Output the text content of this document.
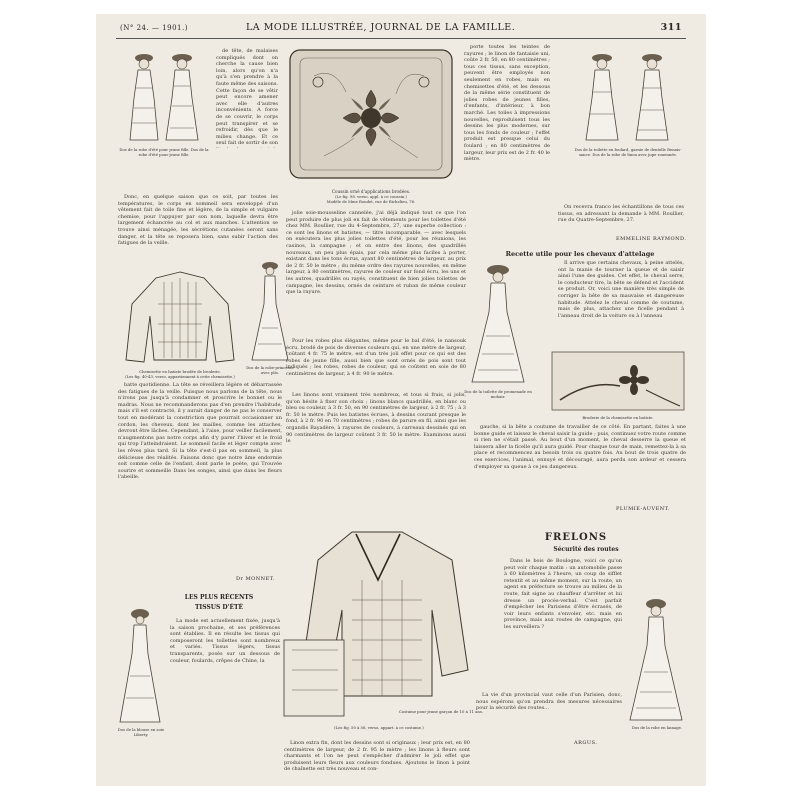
(N° 24. — 1901.)	LA MODE ILLUSTRÉE, JOURNAL DE LA FAMILLE.	311
Dos de la robe d'été pour jeune fille. Dos de la robe d'été pour jeune fille.

de tête, de malaises compliqués dont on cherche la cause bien loin, alors qu'on n'a qu'à s'en prendre à la faute même des saisons. Cette façon de se vêtir peut encore amener avec elle d'autres inconvénients. A force de se couvrir, le corps peut transpirer et se refroidir, dès que le milieu change. Et ce seul fait de sortir de son

Coussin orné d'applications brodées.
(Le fig. 98. verso, appl. à ce coussin.)
Modèle de Mme Roudet, rue de Richelieu, 76.

porte toutes les teintes de rayures ; le linon de fantaisie uni, coûte 2 fr. 50, en 80 centimètres ; tous ces tissus, sans exception, peuvent être employés non seulement en robes, mais en chemisettes d'été, et les dessous de la même série constituent de jolies robes de jeunes filles, d'enfants, d'intérieur, à bon marché. Les toiles à impressions nouvelles, reproduisent tous les dessins les plus modernes, sur tous les fonds de couleur ; l'effet produit est presque celui du foulard ; en 80 centimètres de largeur, leur prix est de 2 fr. 40 le mètre.

Dos de la toilette en foulard, garnie de dentelle Renaissance. Dos de la robe de linon avec jupe rouennée.

Donc, en quelque saison que ce soit, par toutes les températures, le corps en sommeil sera enveloppé d'un vêtement fait de toile fine et légère, de la simple et vulgaire chemise, pour l'appuyer par son nom, laquelle devra être largement échancrée au col et aux manches. L'attention se trouve ainsi ménagée, les sécrétions cutanées seront sans danger, et la tête se reposera bien, sans subir l'action des fatigues de la veille.

jolie soie-mousseline cannelée, j'ai déjà indiqué tout ce que l'on peut produire de plus joli en fait de vêtements pour les toilettes d'été chez MM. Roullier, rue du 4-Septembre, 27, une superbe collection : ce sont les linons et batistes, — titre incomparable, — avec lesquels on exécutera les plus jolies toilettes d'été, pour les réunions, les casinos, la campagne ; et on entre des linons, des quadrillés nouveaux, un peu plus épais, par cela même plus faciles à porter, existant dans les tons écrus, ayant 80 centimètres de largeur, au prix de 2 fr. 50 le mètre ; du même ordre des rayures nouvelles, en même largeur, à 80 centimètres, rayures de couleur sur fond écru, les uns et les autres, quadrillés ou rayés, constituent de bien jolies toilettes de campagne, les dessins, ornés de ceinture et ruban de même couleur que la rayure.

On recevra franco les échantillons de tous ces tissus, en adressant la demande à MM. Roullier, rue du Quatre-Septembre, 27.

EMMELINE RAYMOND.
Recette utile pour les chevaux d'attelage

Il arrive que certains chevaux, à peine attelés, ont la manie de tourner la queue et de saisir ainsi l'une des guides. Cet effet, le cheval serre, le conducteur tire, la bête se défend et l'accident se produit. Or, voici une manière très simple de corriger la bête de sa mauvaise et dangereuse habitude. Attelez le cheval comme de coutume, mais de plus, attachez une ficelle pendant à l'anneau droit de la voiture ou à l'anneau

Chemisette en batiste brodée de broderie.
(Les fig. 40-43, verso, appartiennent à cette chemisette.)
Dos de la robe-princesse avec plis.

Pour les robes plus élégantes, même pour le bal d'été, le nansouk écru, brodé de pois de diverses couleurs qui, en une mètre de largeur, coûtant 4 fr. 75 le mètre, est d'un très joli effet pour ce qui est des robes de jeune fille, aussi bien que sont ornés de pois sont tout indiqués ; les robes, robes de couleur, qui se coûtent en soie de 80 centimètres de largeur, à 4 fr. 90 le mètre.

Dos de la toilette de promenade en mohair.
Broderie de la chemisette en batiste.

batte quotidienne. La tête se réveillera légère et débarrassée des fatigues de la veille. Puisque nous parlons de la tête, nous n'irons pas jusqu'à condamner et proscrire le bonnet ou le madras. Nous ne recommanderons pas d'en prendre l'habitude, mais s'il est contracté, il y aurait danger de ne pas le conserver tout en modérant la constriction que pourrait occasionner un cordon, les cheveux, dont les mailles, comme les attaches, devront être lâches. Cependant, à l'aise, pour veiller facilement, n'augmentons pas notre corps afin d'y parer l'hiver et le froid qui trop l'atteindraient. Le sommeil facile et léger compte avec les rêves plus tard. Si la tête s'est-il pas en sommeil, la plus délicieuse des réalités. Faisons donc que notre âme endormie soit comme celle de l'enfant, dont parle le poète, qui Trouvée sourire et sommeille Dans les songes, ainsi que dans les fleurs l'abeille.

Dr MONNET.

Les linons sont vraiment très nombreux, et tous si frais, si jolis, qu'on hésite à fixer son choix ; linons blancs quadrillés, en blanc ou bleu ou couleur, à 3 fr. 50, en 90 centimètres de largeur, à 2 fr. 75 ; à 3 fr. 50 le mètre. Puis les batistes écrues, à dessins courant presque le fond, à 2 fr. 90 en 70 centimètres ; robes de parure en fil, ainsi que les organdis Bayadère, à rayures de couleurs, à carreaux dessinés qui en 90 centimètres de largeur coûtent 3 fr. 50 le mètre. Examinons aussi le

gauche, si la bête a coutume de travailler de ce côté. En partant, faites à une bonne guide et laissez le cheval saisir la guide ; puis, continuez votre route comme si rien ne s'était passé. Au bout d'un moment, le cheval desserre la queue et laissera aller la ficelle qu'il aura guidé. Pour chaque tour de main, remettez-la à sa place et recommencez au besoin trois ou quatre fois. Au bout de trois quatre de ces exercices, l'animal, ennuyé et découragé, aura perdu son ardeur et cessera d'employer sa queue à ce jeu dangereux.

PLUMIE-AUVENT.
Costume pour jeune garçon de 10 à 11 ans.
(Les fig. 50 à 56, verso, appart. à ce costume.)
LES PLUS RÉCENTS
TISSUS D'ÉTÉ
Dos de la blouse en soie Liberty.

La mode est actuellement fixée, jusqu'à la saison prochaine, et ses préférences sont établies. Il en résulte les tissus qui composeront les toilettes sont nombreux et variés. Tissus légers, tissus transparents, posés sur un dessous de couleur, foulards, crêpes de Chine, la

Linon extra fin, dont les dessins sont si originaux ; leur prix est, en 80 centimètres de largeur, de 2 fr. 95 le mètre ; les linons à fleurs sont charmants et l'on ne peut s'empêcher d'admirer le joli effet que produisent leurs fleurs aux couleurs fondues. Ajoutons le linon à point de chaînette est très nouveau et con-

FRELONS
Sécurité des routes

Dans le bois de Boulogne, voici ce qu'on peut voir chaque matin : un automobile passe à 60 kilomètres à l'heure, un coup de sifflet retentit et au même moment, sur la route, un agent en préfecture se trouve au milieu de la route, fait signe au chauffeur d'arrêter et lui dresse un procès-verbal. C'est parfait d'empêcher les Parisiens d'être écrasés, de voir leurs enfants s'envoler, etc. mais en province, mais aux routes de campagne, qui les surveillera ?

Dos de la robe en lainage.

La vie d'un provincial vaut celle d'un Parisien, donc, nous espérons qu'on prendra des mesures nécessaires pour la sécurité des routes...

ARGUS.
